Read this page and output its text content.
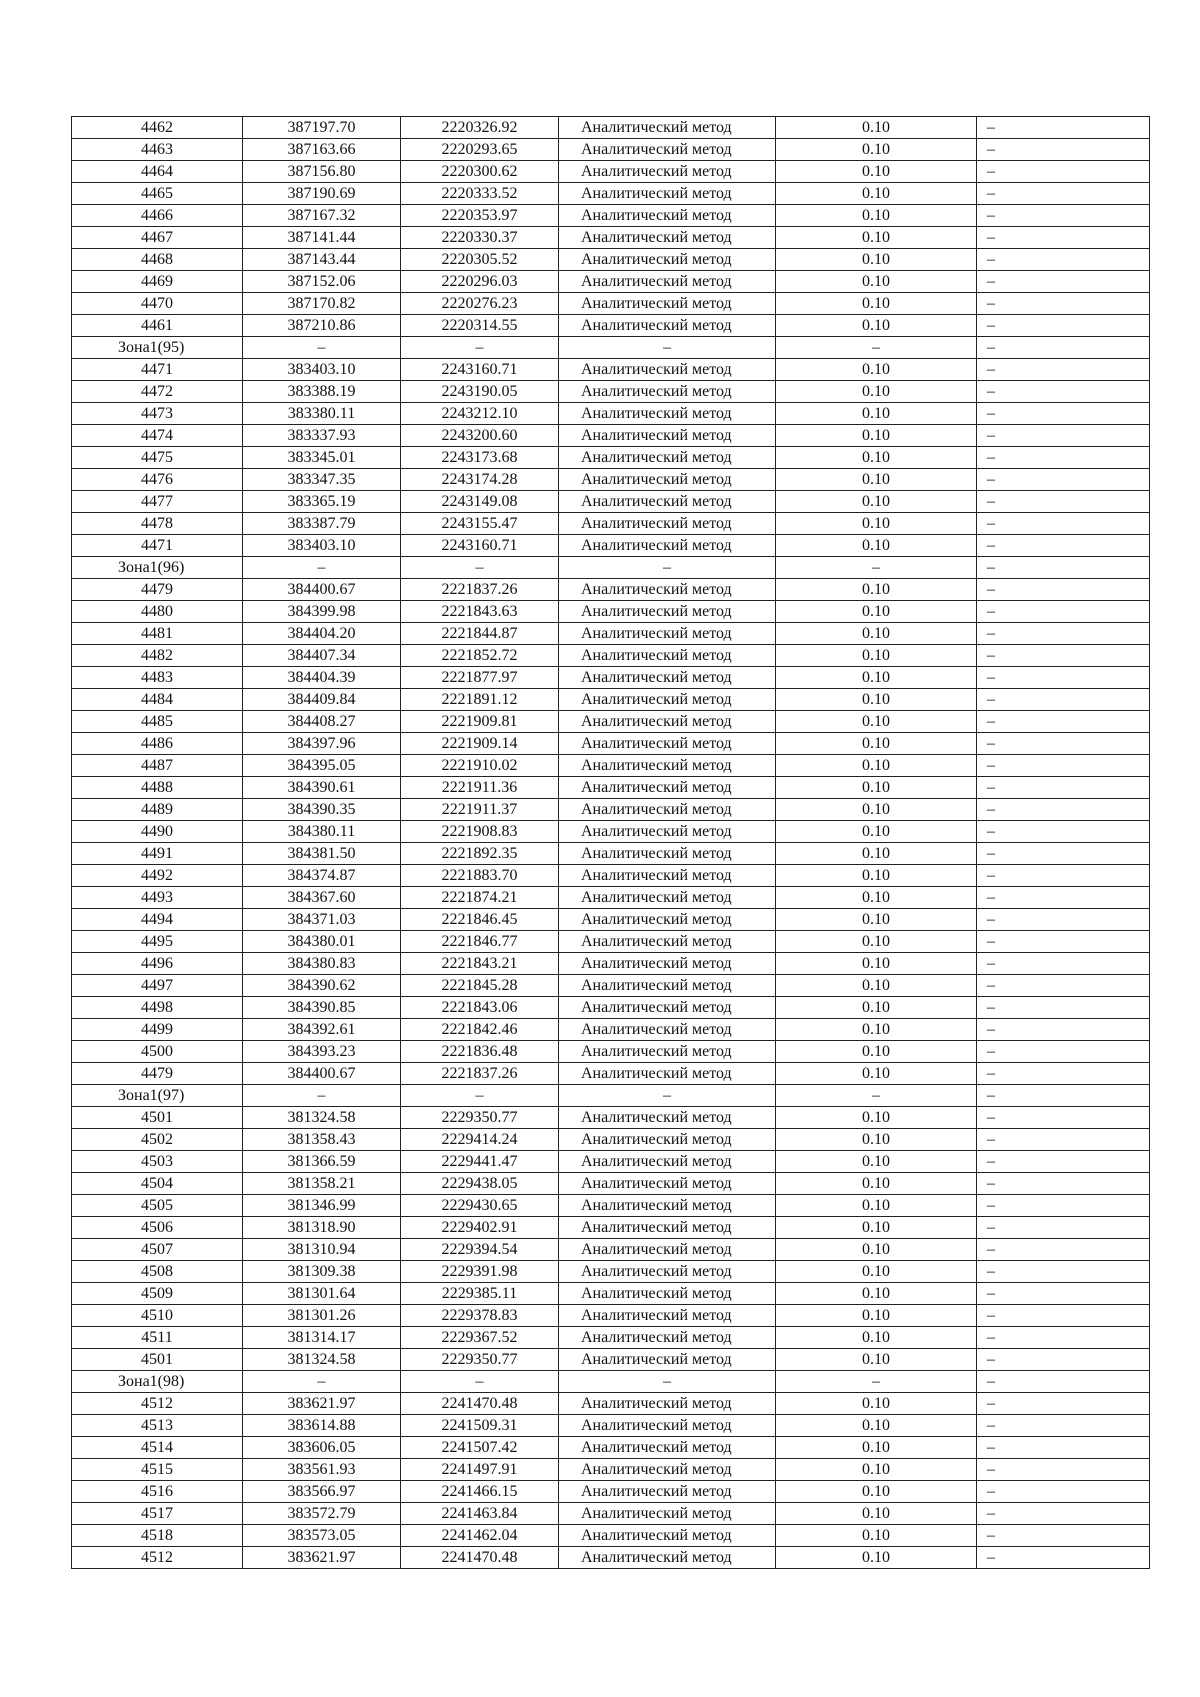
4462	387197.70	2220326.92	Аналитический метод	0.10	–
4463	387163.66	2220293.65	Аналитический метод	0.10	–
4464	387156.80	2220300.62	Аналитический метод	0.10	–
4465	387190.69	2220333.52	Аналитический метод	0.10	–
4466	387167.32	2220353.97	Аналитический метод	0.10	–
4467	387141.44	2220330.37	Аналитический метод	0.10	–
4468	387143.44	2220305.52	Аналитический метод	0.10	–
4469	387152.06	2220296.03	Аналитический метод	0.10	–
4470	387170.82	2220276.23	Аналитический метод	0.10	–
4461	387210.86	2220314.55	Аналитический метод	0.10	–
Зона1(95)	–	–	–	–	–
4471	383403.10	2243160.71	Аналитический метод	0.10	–
4472	383388.19	2243190.05	Аналитический метод	0.10	–
4473	383380.11	2243212.10	Аналитический метод	0.10	–
4474	383337.93	2243200.60	Аналитический метод	0.10	–
4475	383345.01	2243173.68	Аналитический метод	0.10	–
4476	383347.35	2243174.28	Аналитический метод	0.10	–
4477	383365.19	2243149.08	Аналитический метод	0.10	–
4478	383387.79	2243155.47	Аналитический метод	0.10	–
4471	383403.10	2243160.71	Аналитический метод	0.10	–
Зона1(96)	–	–	–	–	–
4479	384400.67	2221837.26	Аналитический метод	0.10	–
4480	384399.98	2221843.63	Аналитический метод	0.10	–
4481	384404.20	2221844.87	Аналитический метод	0.10	–
4482	384407.34	2221852.72	Аналитический метод	0.10	–
4483	384404.39	2221877.97	Аналитический метод	0.10	–
4484	384409.84	2221891.12	Аналитический метод	0.10	–
4485	384408.27	2221909.81	Аналитический метод	0.10	–
4486	384397.96	2221909.14	Аналитический метод	0.10	–
4487	384395.05	2221910.02	Аналитический метод	0.10	–
4488	384390.61	2221911.36	Аналитический метод	0.10	–
4489	384390.35	2221911.37	Аналитический метод	0.10	–
4490	384380.11	2221908.83	Аналитический метод	0.10	–
4491	384381.50	2221892.35	Аналитический метод	0.10	–
4492	384374.87	2221883.70	Аналитический метод	0.10	–
4493	384367.60	2221874.21	Аналитический метод	0.10	–
4494	384371.03	2221846.45	Аналитический метод	0.10	–
4495	384380.01	2221846.77	Аналитический метод	0.10	–
4496	384380.83	2221843.21	Аналитический метод	0.10	–
4497	384390.62	2221845.28	Аналитический метод	0.10	–
4498	384390.85	2221843.06	Аналитический метод	0.10	–
4499	384392.61	2221842.46	Аналитический метод	0.10	–
4500	384393.23	2221836.48	Аналитический метод	0.10	–
4479	384400.67	2221837.26	Аналитический метод	0.10	–
Зона1(97)	–	–	–	–	–
4501	381324.58	2229350.77	Аналитический метод	0.10	–
4502	381358.43	2229414.24	Аналитический метод	0.10	–
4503	381366.59	2229441.47	Аналитический метод	0.10	–
4504	381358.21	2229438.05	Аналитический метод	0.10	–
4505	381346.99	2229430.65	Аналитический метод	0.10	–
4506	381318.90	2229402.91	Аналитический метод	0.10	–
4507	381310.94	2229394.54	Аналитический метод	0.10	–
4508	381309.38	2229391.98	Аналитический метод	0.10	–
4509	381301.64	2229385.11	Аналитический метод	0.10	–
4510	381301.26	2229378.83	Аналитический метод	0.10	–
4511	381314.17	2229367.52	Аналитический метод	0.10	–
4501	381324.58	2229350.77	Аналитический метод	0.10	–
Зона1(98)	–	–	–	–	–
4512	383621.97	2241470.48	Аналитический метод	0.10	–
4513	383614.88	2241509.31	Аналитический метод	0.10	–
4514	383606.05	2241507.42	Аналитический метод	0.10	–
4515	383561.93	2241497.91	Аналитический метод	0.10	–
4516	383566.97	2241466.15	Аналитический метод	0.10	–
4517	383572.79	2241463.84	Аналитический метод	0.10	–
4518	383573.05	2241462.04	Аналитический метод	0.10	–
4512	383621.97	2241470.48	Аналитический метод	0.10	–
